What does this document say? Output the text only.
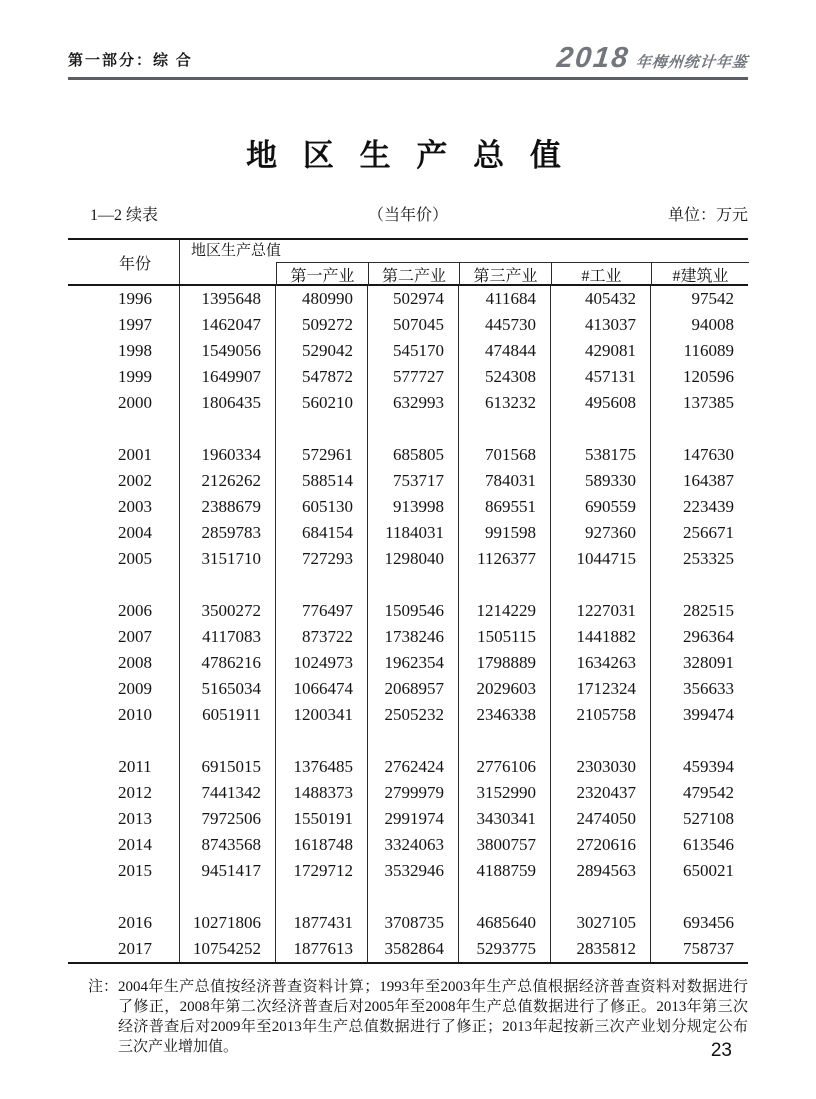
第一部分：综 合	2018 年梅州统计年鉴
地 区 生 产 总 值
1—2 续表	（当年价）	单位：万元
年份
地区生产总值
第一产业	第二产业	第三产业	#工业	#建筑业
1996	1395648	480990	502974	411684	405432	97542
1997	1462047	509272	507045	445730	413037	94008
1998	1549056	529042	545170	474844	429081	116089
1999	1649907	547872	577727	524308	457131	120596
2000	1806435	560210	632993	613232	495608	137385
2001	1960334	572961	685805	701568	538175	147630
2002	2126262	588514	753717	784031	589330	164387
2003	2388679	605130	913998	869551	690559	223439
2004	2859783	684154	1184031	991598	927360	256671
2005	3151710	727293	1298040	1126377	1044715	253325
2006	3500272	776497	1509546	1214229	1227031	282515
2007	4117083	873722	1738246	1505115	1441882	296364
2008	4786216	1024973	1962354	1798889	1634263	328091
2009	5165034	1066474	2068957	2029603	1712324	356633
2010	6051911	1200341	2505232	2346338	2105758	399474
2011	6915015	1376485	2762424	2776106	2303030	459394
2012	7441342	1488373	2799979	3152990	2320437	479542
2013	7972506	1550191	2991974	3430341	2474050	527108
2014	8743568	1618748	3324063	3800757	2720616	613546
2015	9451417	1729712	3532946	4188759	2894563	650021
2016	10271806	1877431	3708735	4685640	3027105	693456
2017	10754252	1877613	3582864	5293775	2835812	758737
注： 2004年生产总值按经济普查资料计算；1993年至2003年生产总值根据经济普查资料对数据进行了修正，2008年第二次经济普查后对2005年至2008年生产总值数据进行了修正。2013年第三次经济普查后对2009年至2013年生产总值数据进行了修正；2013年起按新三次产业划分规定公布三次产业增加值。	23
